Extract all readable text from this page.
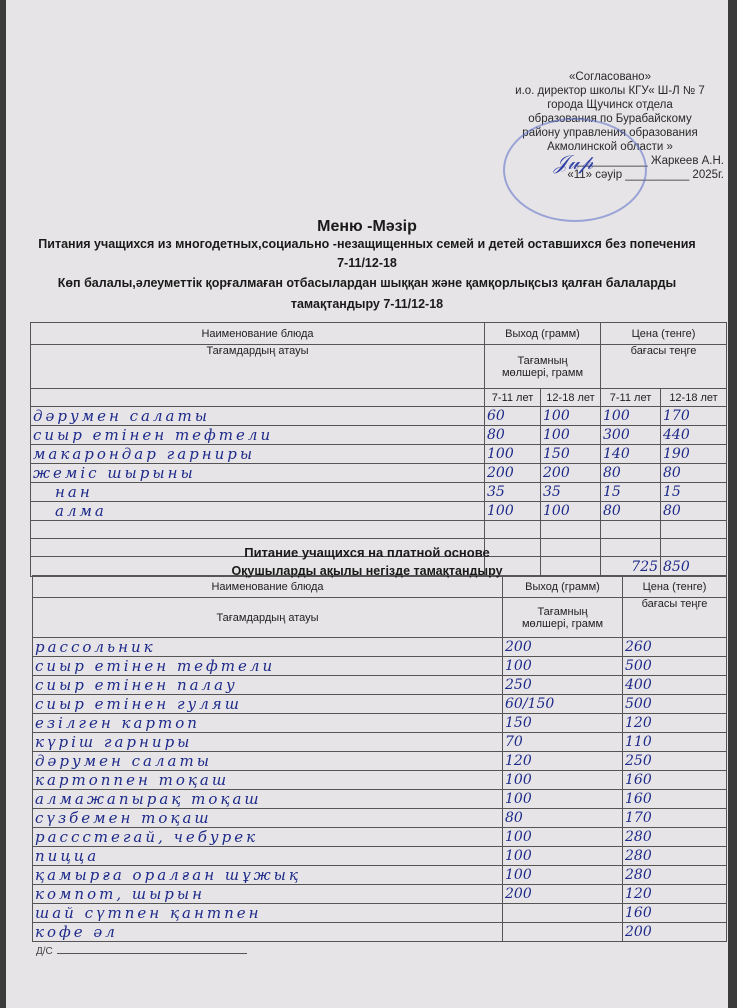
«Согласовано»
и.о. директор школы КГУ« Ш-Л № 7
города Щучинск отдела
образования по Бурабайскому
району управления образования
Акмолинской области »
___________ Жаркеев А.Н.
«11» сәуір __________ 2025г.
𝒥𝓊𝓅
Меню -Мәзір
Питания учащихся из многодетных,социально -незащищенных семей и детей оставшихся без попечения
7-11/12-18
Көп балалы,әлеуметтік қорғалмаған отбасылардан шыққан және қамқорлықсыз қалған балаларды
тамақтандыру 7-11/12-18
Наименование блюда	Выход (грамм)		Цена (тенге)	
Тағамдардың атауы	Тағамның
мөлшері, грамм		бағасы теңге	
	7-11 лет	12-18 лет	7-11 лет	12-18 лет
дәрумен салаты	60	100	100	170
сиыр етінен тефтели	80	100	300	440
макарондар гарниры	100	150	140	190
жеміс шырыны	200	200	80	80
нан	35	35	15	15
алма	100	100	80	80

			725	850
Питание учащихся на платной основе
Оқушыларды ақылы негізде тамақтандыру
Наименование блюда	Выход (грамм)	Цена (тенге)
Тағамдардың атауы	Тағамның
мөлшері, грамм	бағасы теңге
рассольник	200	260
сиыр етінен тефтели	100	500
сиыр етінен палау	250	400
сиыр етінен гуляш	60/150	500
езілген картоп	150	120
күріш гарниры	70	110
дәрумен салаты	120	250
картоппен тоқаш	100	160
алмажапырақ тоқаш	100	160
сүзбемен тоқаш	80	170
рассстегай, чебурек	100	280
пицца	100	280
қамырға оралған шұжық	100	280
компот, шырын	200	120
шай сүтпен қантпен		160
кофе әл		200
Д/С
